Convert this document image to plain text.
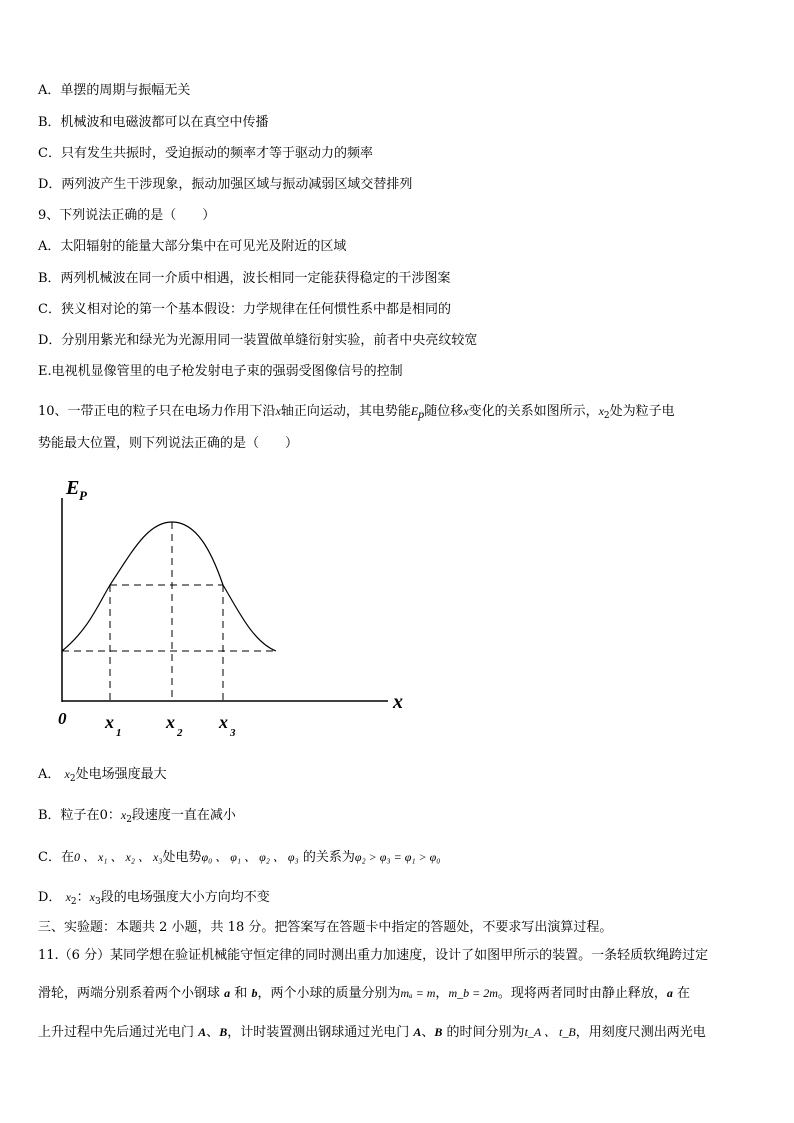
A．单摆的周期与振幅无关
B．机械波和电磁波都可以在真空中传播
C．只有发生共振时，受迫振动的频率才等于驱动力的频率
D．两列波产生干涉现象，振动加强区域与振动减弱区域交替排列
9、下列说法正确的是（　　）
A．太阳辐射的能量大部分集中在可见光及附近的区域
B．两列机械波在同一介质中相遇，波长相同一定能获得稳定的干涉图案
C．狭义相对论的第一个基本假设：力学规律在任何惯性系中都是相同的
D．分别用紫光和绿光为光源用同一装置做单缝衍射实验，前者中央亮纹较宽
E.电视机显像管里的电子枪发射电子束的强弱受图像信号的控制
10、一带正电的粒子只在电场力作用下沿x轴正向运动，其电势能$E_p$随位移x变化的关系如图所示，$x_2$处为粒子电
势能最大位置，则下列说法正确的是（　　）
E P
x
0 x
1
x
2
x
3
A． $x_2$处电场强度最大
B．粒子在0：$x_2$段速度一直在减小
C．在0 、 x₁ 、 x₂ 、 x₃处电势φ₀ 、 φ₁ 、 φ₂ 、 φ₃ 的关系为φ₂ > φ₃ = φ₁ > φ₀
D． $x_2$：$x_3$段的电场强度大小方向均不变
三、实验题：本题共 2 小题，共 18 分。把答案写在答题卡中指定的答题处，不要求写出演算过程。
11.（6 分）某同学想在验证机械能守恒定律的同时测出重力加速度，设计了如图甲所示的装置。一条轻质软绳跨过定
滑轮，两端分别系着两个小钢球 a 和 b，两个小球的质量分别为mₐ = m，m_b = 2m。现将两者同时由静止释放，a 在
上升过程中先后通过光电门 A、B，计时装置测出钢球通过光电门 A、B 的时间分别为t_A 、 t_B，用刻度尺测出两光电
